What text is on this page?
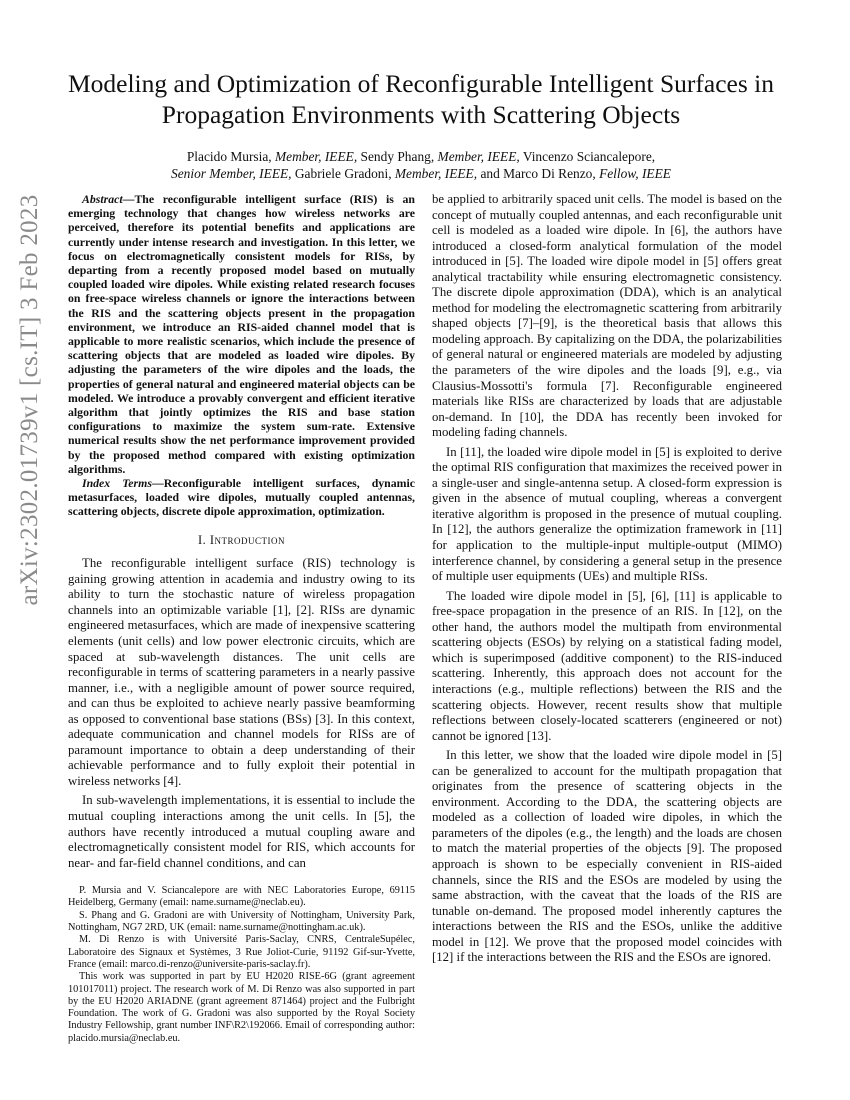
arXiv:2302.01739v1 [cs.IT] 3 Feb 2023
Modeling and Optimization of Reconfigurable Intelligent Surfaces in Propagation Environments with Scattering Objects

Placido Mursia, Member, IEEE, Sendy Phang, Member, IEEE, Vincenzo Sciancalepore,

Senior Member, IEEE, Gabriele Gradoni, Member, IEEE, and Marco Di Renzo, Fellow, IEEE

Abstract—The reconfigurable intelligent surface (RIS) is an emerging technology that changes how wireless networks are perceived, therefore its potential benefits and applications are currently under intense research and investigation. In this letter, we focus on electromagnetically consistent models for RISs, by departing from a recently proposed model based on mutually coupled loaded wire dipoles. While existing related research focuses on free-space wireless channels or ignore the interactions between the RIS and the scattering objects present in the propagation environment, we introduce an RIS-aided channel model that is applicable to more realistic scenarios, which include the presence of scattering objects that are modeled as loaded wire dipoles. By adjusting the parameters of the wire dipoles and the loads, the properties of general natural and engineered material objects can be modeled. We introduce a provably convergent and efficient iterative algorithm that jointly optimizes the RIS and base station configurations to maximize the system sum-rate. Extensive numerical results show the net performance improvement provided by the proposed method compared with existing optimization algorithms.

Index Terms—Reconfigurable intelligent surfaces, dynamic metasurfaces, loaded wire dipoles, mutually coupled antennas, scattering objects, discrete dipole approximation, optimization.

I. Introduction

The reconfigurable intelligent surface (RIS) technology is gaining growing attention in academia and industry owing to its ability to turn the stochastic nature of wireless propagation channels into an optimizable variable [1], [2]. RISs are dynamic engineered metasurfaces, which are made of inexpensive scattering elements (unit cells) and low power electronic circuits, which are spaced at sub-wavelength distances. The unit cells are reconfigurable in terms of scattering parameters in a nearly passive manner, i.e., with a negligible amount of power source required, and can thus be exploited to achieve nearly passive beamforming as opposed to conventional base stations (BSs) [3]. In this context, adequate communication and channel models for RISs are of paramount importance to obtain a deep understanding of their achievable performance and to fully exploit their potential in wireless networks [4].

In sub-wavelength implementations, it is essential to include the mutual coupling interactions among the unit cells. In [5], the authors have recently introduced a mutual coupling aware and electromagnetically consistent model for RIS, which accounts for near- and far-field channel conditions, and can

P. Mursia and V. Sciancalepore are with NEC Laboratories Europe, 69115 Heidelberg, Germany (email: name.surname@neclab.eu).

S. Phang and G. Gradoni are with University of Nottingham, University Park, Nottingham, NG7 2RD, UK (email: name.surname@nottingham.ac.uk).

M. Di Renzo is with Université Paris-Saclay, CNRS, CentraleSupélec, Laboratoire des Signaux et Systèmes, 3 Rue Joliot-Curie, 91192 Gif-sur-Yvette, France (email: marco.di-renzo@universite-paris-saclay.fr).

This work was supported in part by EU H2020 RISE-6G (grant agreement 101017011) project. The research work of M. Di Renzo was also supported in part by the EU H2020 ARIADNE (grant agreement 871464) project and the Fulbright Foundation. The work of G. Gradoni was also supported by the Royal Society Industry Fellowship, grant number INF\R2\192066. Email of corresponding author: placido.mursia@neclab.eu.

be applied to arbitrarily spaced unit cells. The model is based on the concept of mutually coupled antennas, and each reconfigurable unit cell is modeled as a loaded wire dipole. In [6], the authors have introduced a closed-form analytical formulation of the model introduced in [5]. The loaded wire dipole model in [5] offers great analytical tractability while ensuring electromagnetic consistency. The discrete dipole approximation (DDA), which is an analytical method for modeling the electromagnetic scattering from arbitrarily shaped objects [7]–[9], is the theoretical basis that allows this modeling approach. By capitalizing on the DDA, the polarizabilities of general natural or engineered materials are modeled by adjusting the parameters of the wire dipoles and the loads [9], e.g., via Clausius-Mossotti's formula [7]. Reconfigurable engineered materials like RISs are characterized by loads that are adjustable on-demand. In [10], the DDA has recently been invoked for modeling fading channels.

In [11], the loaded wire dipole model in [5] is exploited to derive the optimal RIS configuration that maximizes the received power in a single-user and single-antenna setup. A closed-form expression is given in the absence of mutual coupling, whereas a convergent iterative algorithm is proposed in the presence of mutual coupling. In [12], the authors generalize the optimization framework in [11] for application to the multiple-input multiple-output (MIMO) interference channel, by considering a general setup in the presence of multiple user equipments (UEs) and multiple RISs.

The loaded wire dipole model in [5], [6], [11] is applicable to free-space propagation in the presence of an RIS. In [12], on the other hand, the authors model the multipath from environmental scattering objects (ESOs) by relying on a statistical fading model, which is superimposed (additive component) to the RIS-induced scattering. Inherently, this approach does not account for the interactions (e.g., multiple reflections) between the RIS and the scattering objects. However, recent results show that multiple reflections between closely-located scatterers (engineered or not) cannot be ignored [13].

In this letter, we show that the loaded wire dipole model in [5] can be generalized to account for the multipath propagation that originates from the presence of scattering objects in the environment. According to the DDA, the scattering objects are modeled as a collection of loaded wire dipoles, in which the parameters of the dipoles (e.g., the length) and the loads are chosen to match the material properties of the objects [9]. The proposed approach is shown to be especially convenient in RIS-aided channels, since the RIS and the ESOs are modeled by using the same abstraction, with the caveat that the loads of the RIS are tunable on-demand. The proposed model inherently captures the interactions between the RIS and the ESOs, unlike the additive model in [12]. We prove that the proposed model coincides with [12] if the interactions between the RIS and the ESOs are ignored.
